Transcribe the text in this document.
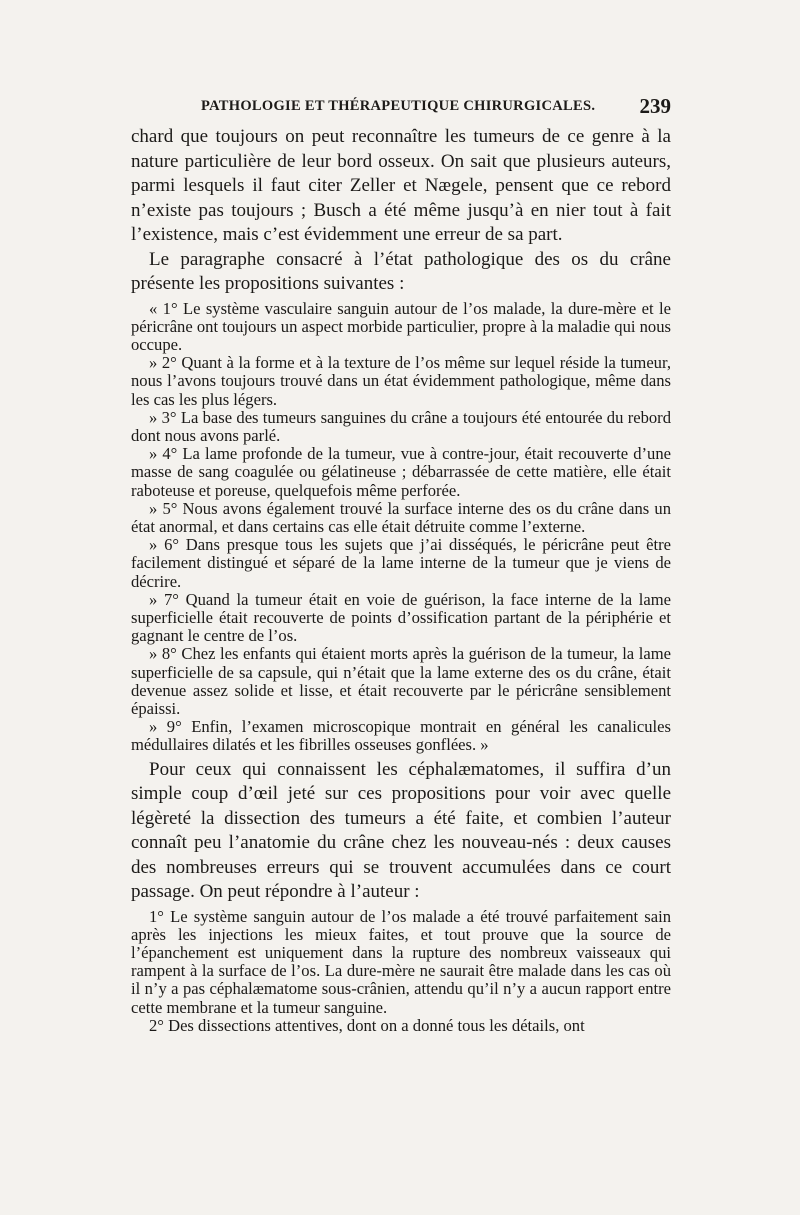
PATHOLOGIE ET THÉRAPEUTIQUE CHIRURGICALES. 239

chard que toujours on peut reconnaître les tumeurs de ce genre à la nature particulière de leur bord osseux. On sait que plusieurs auteurs, parmi lesquels il faut citer Zeller et Nægele, pensent que ce rebord n’existe pas toujours ; Busch a été même jusqu’à en nier tout à fait l’existence, mais c’est évidemment une erreur de sa part.

Le paragraphe consacré à l’état pathologique des os du crâne présente les propositions suivantes :

« 1° Le système vasculaire sanguin autour de l’os malade, la dure-mère et le péricrâne ont toujours un aspect morbide particulier, propre à la maladie qui nous occupe.

» 2° Quant à la forme et à la texture de l’os même sur lequel réside la tumeur, nous l’avons toujours trouvé dans un état évidemment pathologique, même dans les cas les plus légers.

» 3° La base des tumeurs sanguines du crâne a toujours été entourée du rebord dont nous avons parlé.

» 4° La lame profonde de la tumeur, vue à contre-jour, était recouverte d’une masse de sang coagulée ou gélatineuse ; débarrassée de cette matière, elle était raboteuse et poreuse, quelquefois même perforée.

» 5° Nous avons également trouvé la surface interne des os du crâne dans un état anormal, et dans certains cas elle était détruite comme l’externe.

» 6° Dans presque tous les sujets que j’ai disséqués, le péricrâne peut être facilement distingué et séparé de la lame interne de la tumeur que je viens de décrire.

» 7° Quand la tumeur était en voie de guérison, la face interne de la lame superficielle était recouverte de points d’ossification partant de la périphérie et gagnant le centre de l’os.

» 8° Chez les enfants qui étaient morts après la guérison de la tumeur, la lame superficielle de sa capsule, qui n’était que la lame externe des os du crâne, était devenue assez solide et lisse, et était recouverte par le péricrâne sensiblement épaissi.

» 9° Enfin, l’examen microscopique montrait en général les canalicules médullaires dilatés et les fibrilles osseuses gonflées. »

Pour ceux qui connaissent les céphalæmatomes, il suffira d’un simple coup d’œil jeté sur ces propositions pour voir avec quelle légèreté la dissection des tumeurs a été faite, et combien l’auteur connaît peu l’anatomie du crâne chez les nouveau-nés : deux causes des nombreuses erreurs qui se trouvent accumulées dans ce court passage. On peut répondre à l’auteur :

1° Le système sanguin autour de l’os malade a été trouvé parfaitement sain après les injections les mieux faites, et tout prouve que la source de l’épanchement est uniquement dans la rupture des nombreux vaisseaux qui rampent à la surface de l’os. La dure-mère ne saurait être malade dans les cas où il n’y a pas céphalæmatome sous-crânien, attendu qu’il n’y a aucun rapport entre cette membrane et la tumeur sanguine.

2° Des dissections attentives, dont on a donné tous les détails, ont
